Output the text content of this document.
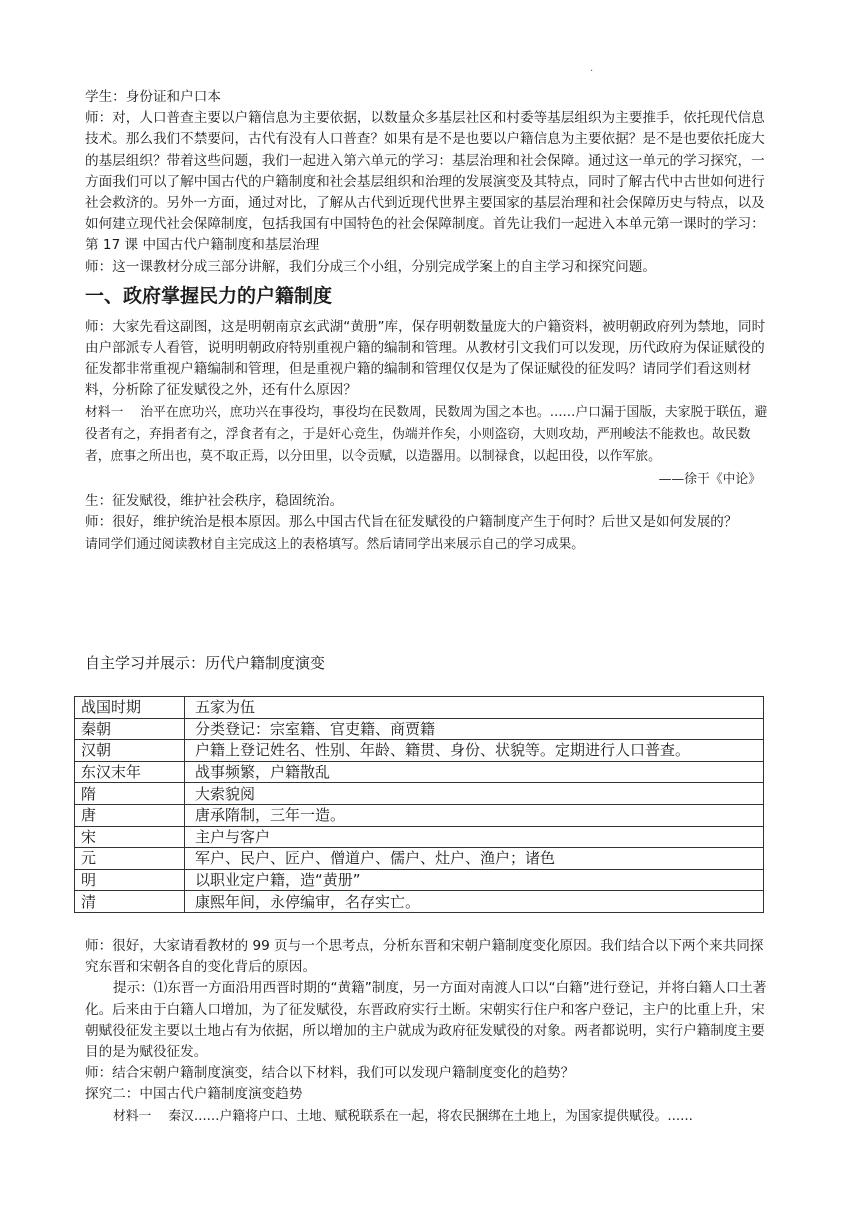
·

学生：身份证和户口本

师：对，人口普查主要以户籍信息为主要依据，以数量众多基层社区和村委等基层组织为主要推手，依托现代信息技术。那么我们不禁要问，古代有没有人口普查？如果有是不是也要以户籍信息为主要依据？是不是也要依托庞大的基层组织？带着这些问题，我们一起进入第六单元的学习：基层治理和社会保障。通过这一单元的学习探究，一方面我们可以了解中国古代的户籍制度和社会基层组织和治理的发展演变及其特点，同时了解古代中古世如何进行社会救济的。另外一方面，通过对比，了解从古代到近现代世界主要国家的基层治理和社会保障历史与特点，以及如何建立现代社会保障制度，包括我国有中国特色的社会保障制度。首先让我们一起进入本单元第一课时的学习：第 17 课 中国古代户籍制度和基层治理

师：这一课教材分成三部分讲解，我们分成三个小组，分别完成学案上的自主学习和探究问题。

一、政府掌握民力的户籍制度

师：大家先看这副图，这是明朝南京玄武湖“黄册”库，保存明朝数量庞大的户籍资料，被明朝政府列为禁地，同时由户部派专人看管，说明明朝政府特别重视户籍的编制和管理。从教材引文我们可以发现，历代政府为保证赋役的征发都非常重视户籍编制和管理，但是重视户籍的编制和管理仅仅是为了保证赋役的征发吗？请同学们看这则材料，分析除了征发赋役之外，还有什么原因？

材料一　 治平在庶功兴，庶功兴在事役均，事役均在民数周，民数周为国之本也。……户口漏于国版，夫家脱于联伍，避役者有之，弃捐者有之，浮食者有之，于是奸心竞生，伪端并作矣，小则盗窃，大则攻劫，严刑峻法不能救也。故民数者，庶事之所出也，莫不取正焉，以分田里，以令贡赋，以造器用。以制禄食，以起田役，以作军旅。

——徐干《中论》

生：征发赋役，维护社会秩序，稳固统治。

师：很好，维护统治是根本原因。那么中国古代旨在征发赋役的户籍制度产生于何时？后世又是如何发展的？

请同学们通过阅读教材自主完成这上的表格填写。然后请同学出来展示自己的学习成果。

自主学习并展示：历代户籍制度演变
战国时期	五家为伍
秦朝	分类登记：宗室籍、官吏籍、商贾籍
汉朝	户籍上登记姓名、性别、年龄、籍贯、身份、状貌等。定期进行人口普查。
东汉末年	战事频繁，户籍散乱
隋	大索貌阅
唐	唐承隋制，三年一造。
宋	主户与客户
元	军户、民户、匠户、僧道户、儒户、灶户、渔户；诸色
明	以职业定户籍，造“黄册”
清	康熙年间，永停编审，名存实亡。

师：很好，大家请看教材的 99 页与一个思考点，分析东晋和宋朝户籍制度变化原因。我们结合以下两个来共同探究东晋和宋朝各自的变化背后的原因。

提示：⑴东晋一方面沿用西晋时期的“黄籍”制度，另一方面对南渡人口以“白籍”进行登记，并将白籍人口土著化。后来由于白籍人口增加，为了征发赋役，东晋政府实行土断。宋朝实行住户和客户登记，主户的比重上升，宋朝赋役征发主要以土地占有为依据，所以增加的主户就成为政府征发赋役的对象。两者都说明，实行户籍制度主要目的是为赋役征发。

师：结合宋朝户籍制度演变，结合以下材料，我们可以发现户籍制度变化的趋势？

探究二：中国古代户籍制度演变趋势

材料一　 秦汉……户籍将户口、土地、赋税联系在一起，将农民捆绑在土地上，为国家提供赋役。……
